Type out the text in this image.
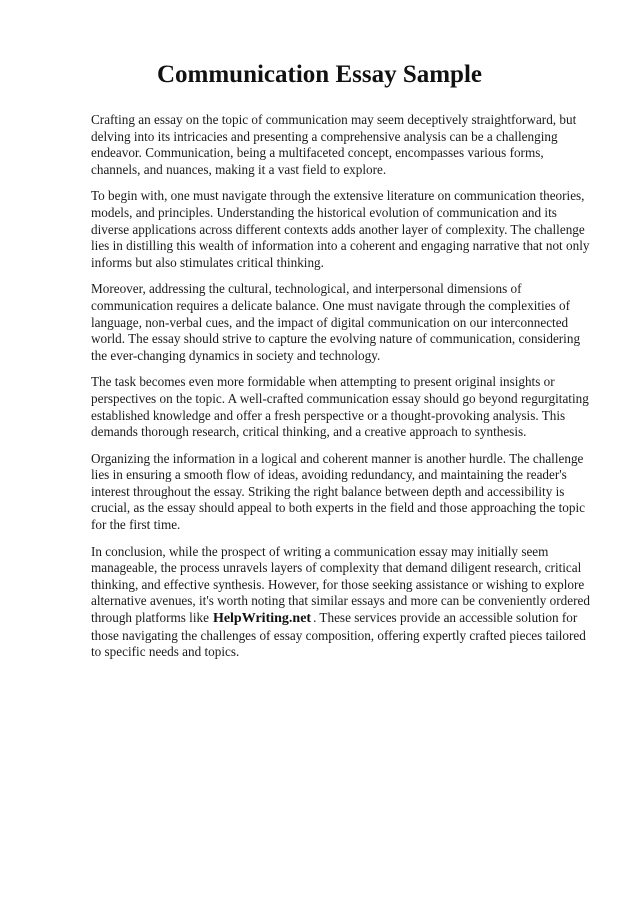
Communication Essay Sample

Crafting an essay on the topic of communication may seem deceptively straightforward, but delving into its intricacies and presenting a comprehensive analysis can be a challenging endeavor. Communication, being a multifaceted concept, encompasses various forms, channels, and nuances, making it a vast field to explore.

To begin with, one must navigate through the extensive literature on communication theories, models, and principles. Understanding the historical evolution of communication and its diverse applications across different contexts adds another layer of complexity. The challenge lies in distilling this wealth of information into a coherent and engaging narrative that not only informs but also stimulates critical thinking.

Moreover, addressing the cultural, technological, and interpersonal dimensions of communication requires a delicate balance. One must navigate through the complexities of language, non-verbal cues, and the impact of digital communication on our interconnected world. The essay should strive to capture the evolving nature of communication, considering the ever-changing dynamics in society and technology.

The task becomes even more formidable when attempting to present original insights or perspectives on the topic. A well-crafted communication essay should go beyond regurgitating established knowledge and offer a fresh perspective or a thought-provoking analysis. This demands thorough research, critical thinking, and a creative approach to synthesis.

Organizing the information in a logical and coherent manner is another hurdle. The challenge lies in ensuring a smooth flow of ideas, avoiding redundancy, and maintaining the reader's interest throughout the essay. Striking the right balance between depth and accessibility is crucial, as the essay should appeal to both experts in the field and those approaching the topic for the first time.

In conclusion, while the prospect of writing a communication essay may initially seem manageable, the process unravels layers of complexity that demand diligent research, critical thinking, and effective synthesis. However, for those seeking assistance or wishing to explore alternative avenues, it's worth noting that similar essays and more can be conveniently ordered through platforms like HelpWriting.net . These services provide an accessible solution for those navigating the challenges of essay composition, offering expertly crafted pieces tailored to specific needs and topics.
